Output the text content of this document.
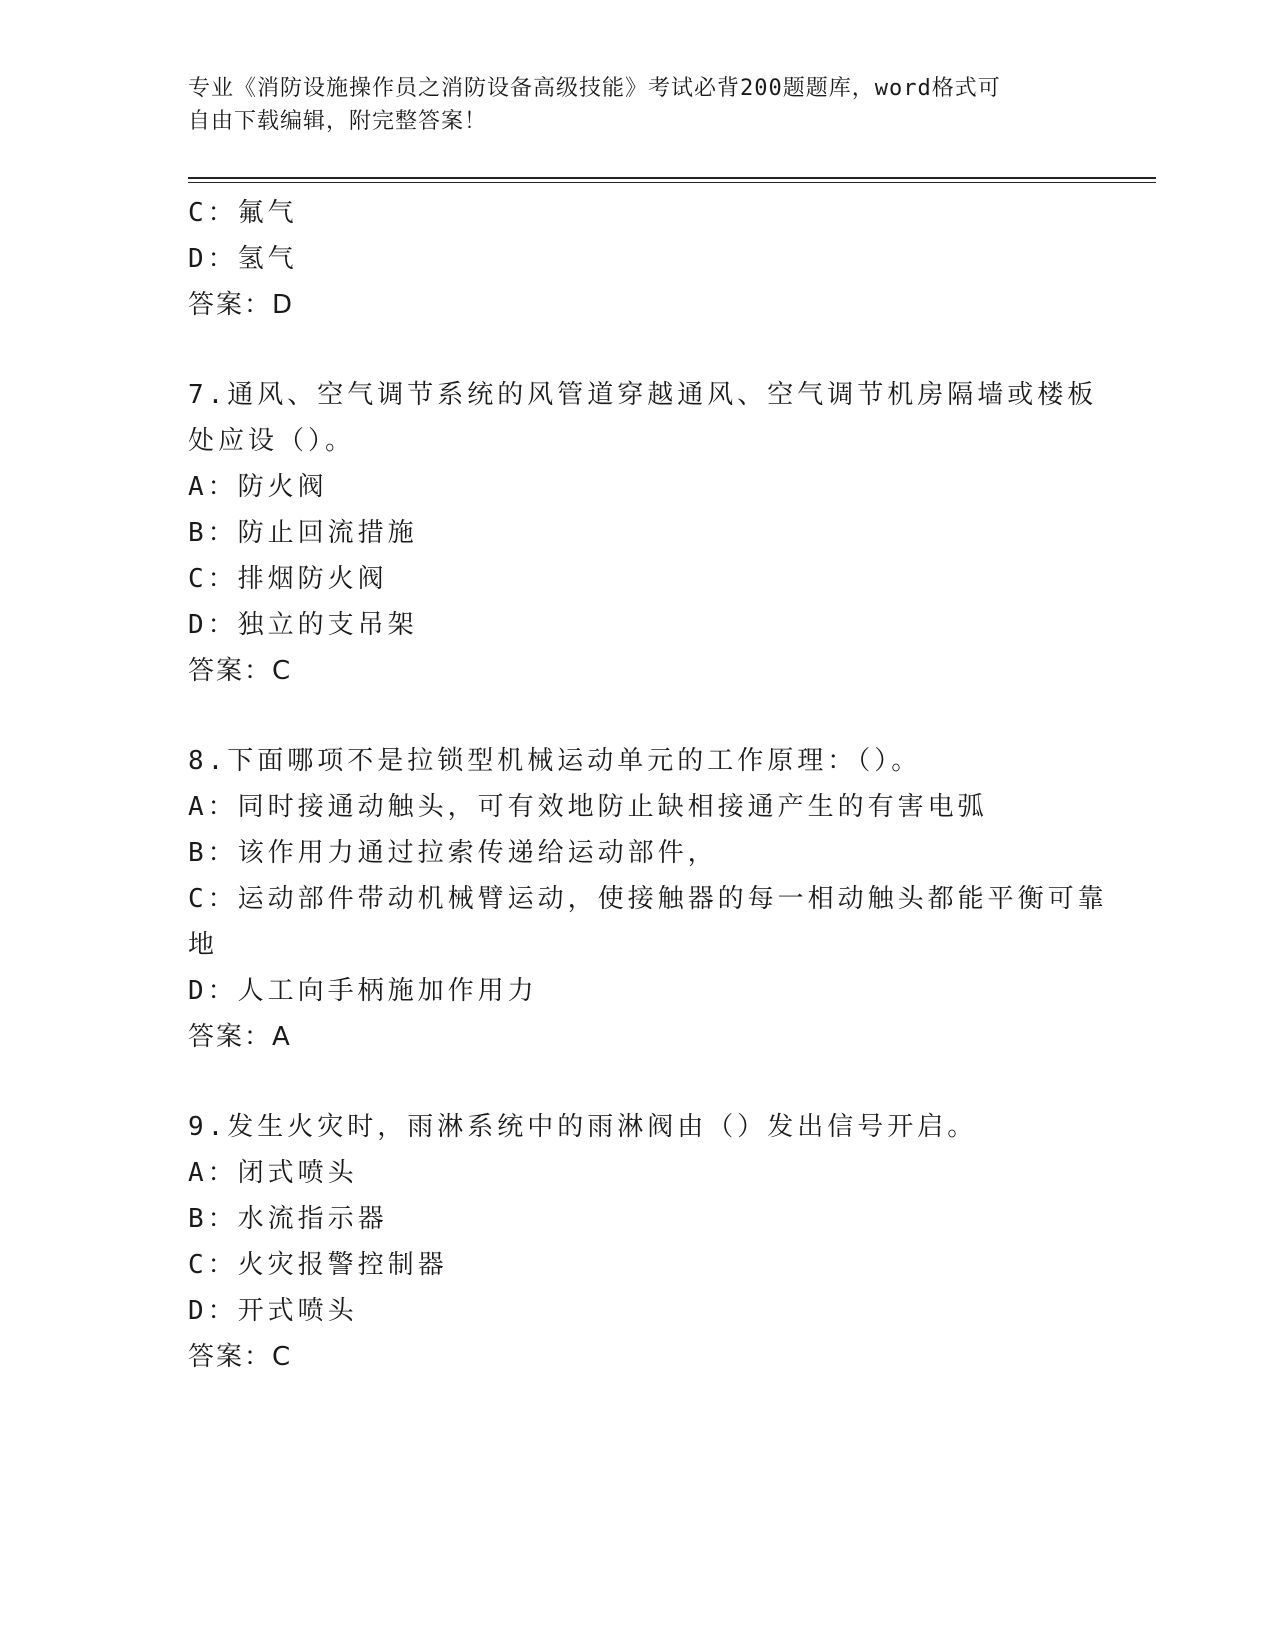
专业《消防设施操作员之消防设备高级技能》考试必背200题题库，word格式可
自由下载编辑，附完整答案！
C：氟气
D：氢气
答案：D
7.通风、空气调节系统的风管道穿越通风、空气调节机房隔墙或楼板
处应设（）。
A：防火阀
B：防止回流措施
C：排烟防火阀
D：独立的支吊架
答案：C
8.下面哪项不是拉锁型机械运动单元的工作原理：（）。
A：同时接通动触头，可有效地防止缺相接通产生的有害电弧
B：该作用力通过拉索传递给运动部件，
C：运动部件带动机械臂运动，使接触器的每一相动触头都能平衡可靠
地
D：人工向手柄施加作用力
答案：A
9.发生火灾时，雨淋系统中的雨淋阀由（）发出信号开启。
A：闭式喷头
B：水流指示器
C：火灾报警控制器
D：开式喷头
答案：C
